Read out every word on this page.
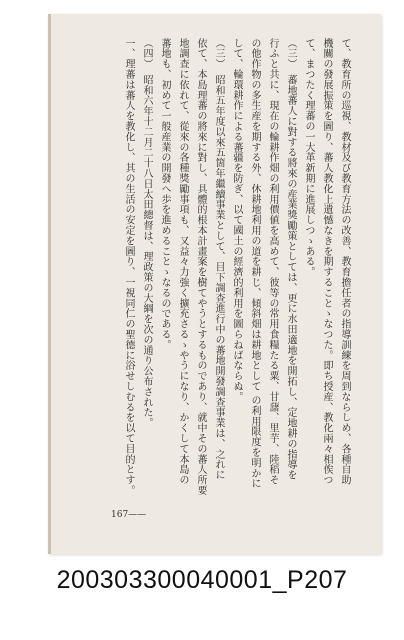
て、教育所の巡視、教材及び教育方法の改善、教育擔任者の指導訓練を周到ならしめ、各種自助
機關の發展振策を圖り、蕃人教化上遺憾なきを期することゝなつた。即ち授産、教化兩々相俟つ
て、まつたく理蕃の一大革新期に進展しつゝある。
（三）　蕃地蕃人に對する將來の産業獎勵策としては、更に水田適地を開拓し、定地耕の指導を
行ふと共に、現在の輪耕作畑の利用價値を高めて、彼等の常用食糧たる粟、甘藷、里芋、陸稻そ
の他作物の多生産を期する外、休耕地利用の道を耕じ、傾斜畑は耕地として の利用限度を明かに
して、輪環耕作による蕃疆を防ぎ、以て國土の經濟的利用を圖らねばならぬ。
（三）　昭和五年度以來五箇年繼續事業として、目下調查進行中の蕃地開發調查事業は、之れに
依て、本島理蕃の將來に對し、具體的根本計畫案を樹てやうとするものであり、就中その蕃人所要
地調查に依れて、從來の各種獎勵事項も、又益々力強く擴充さるゝやうになり、かくして本島の
蕃地も、初めて一般産業の開發へ歩を進めることゝなるのである。
（四）　昭和六年十二月二十八日太田總督は、理政策の大綱を次の通り公布された。
一、理蕃は蕃人を教化し、其の生活の安定を圖り、一視同仁の聖德に浴せしむるを以て目的とす。
167——
200303300040001_P207
